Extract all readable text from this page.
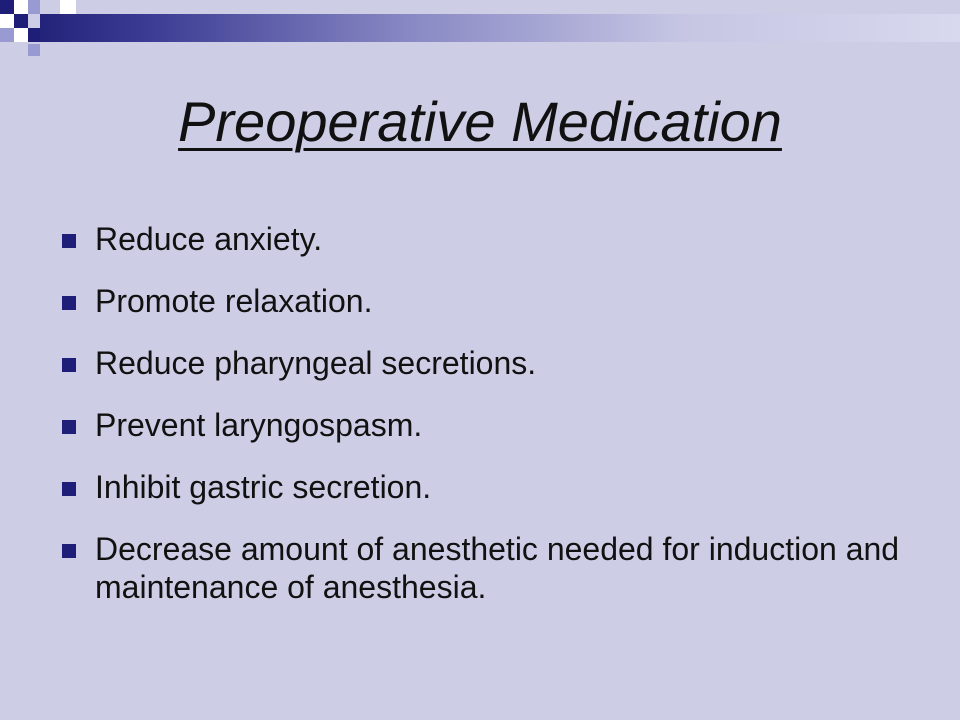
Preoperative Medication
Reduce anxiety.
Promote relaxation.
Reduce pharyngeal secretions.
Prevent laryngospasm.
Inhibit gastric secretion.
Decrease amount of anesthetic needed for induction and maintenance of anesthesia.
